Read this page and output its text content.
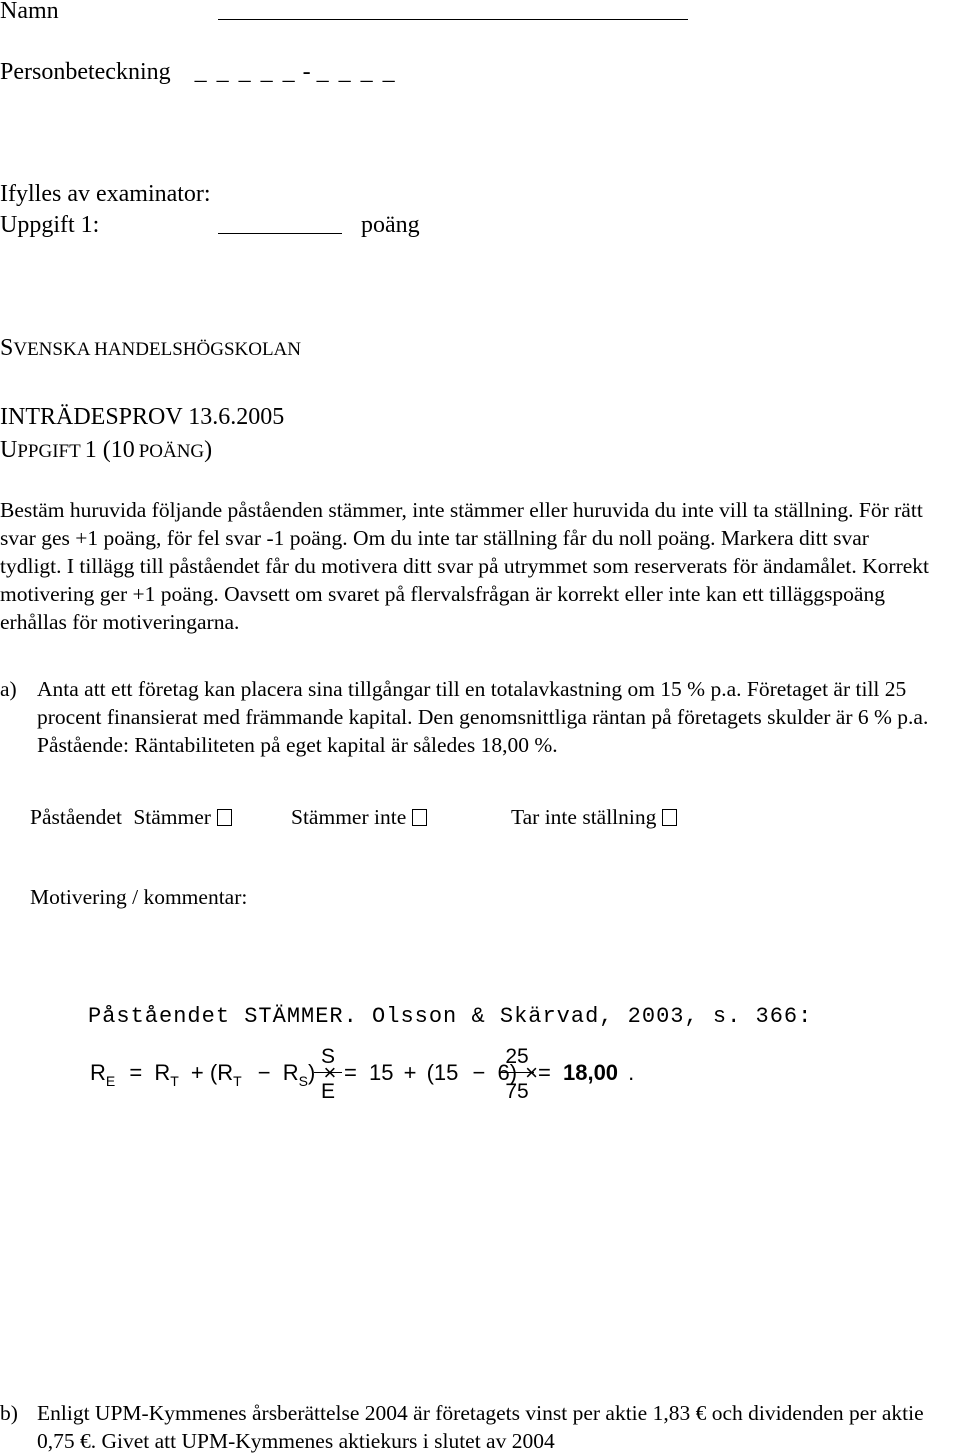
Namn
Personbeteckning _ _ _ _ _ - _ _ _ _
Ifylles av examinator:
Uppgift 1:	poäng
SVENSKA HANDELSHÖGSKOLAN
INTRÄDESPROV 13.6.2005
UPPGIFT 1 (10 POÄNG)
Bestäm huruvida följande påståenden stämmer, inte stämmer eller huruvida du inte vill ta ställning. För rätt svar ges +1 poäng, för fel svar -1 poäng. Om du inte tar ställning får du noll poäng. Markera ditt svar tydligt. I tillägg till påståendet får du motivera ditt svar på utrymmet som reserverats för ändamålet. Korrekt motivering ger +1 poäng. Oavsett om svaret på flervalsfrågan är korrekt eller inte kan ett tilläggspoäng erhållas för motiveringarna.
a) Anta att ett företag kan placera sina tillgångar till en totalavkastning om 15 % p.a. Företaget är till 25 procent finansierat med främmande kapital. Den genomsnittliga räntan på företagets skulder är 6 % p.a. Påstående: Räntabiliteten på eget kapital är således 18,00 %.
Påståendet Stämmer	Stämmer inte	Tar inte ställning
Motivering / kommentar:
Påståendet STÄMMER. Olsson & Skärvad, 2003, s. 366:
$R_E = R_T + (R_T - R_S)$ ×
S
E
= 15 + (15 − 6) ×
25
75
= 18,00 .
b) Enligt UPM-Kymmenes årsberättelse 2004 är företagets vinst per aktie 1,83 € och dividenden per aktie 0,75 €. Givet att UPM-Kymmenes aktiekurs i slutet av 2004
